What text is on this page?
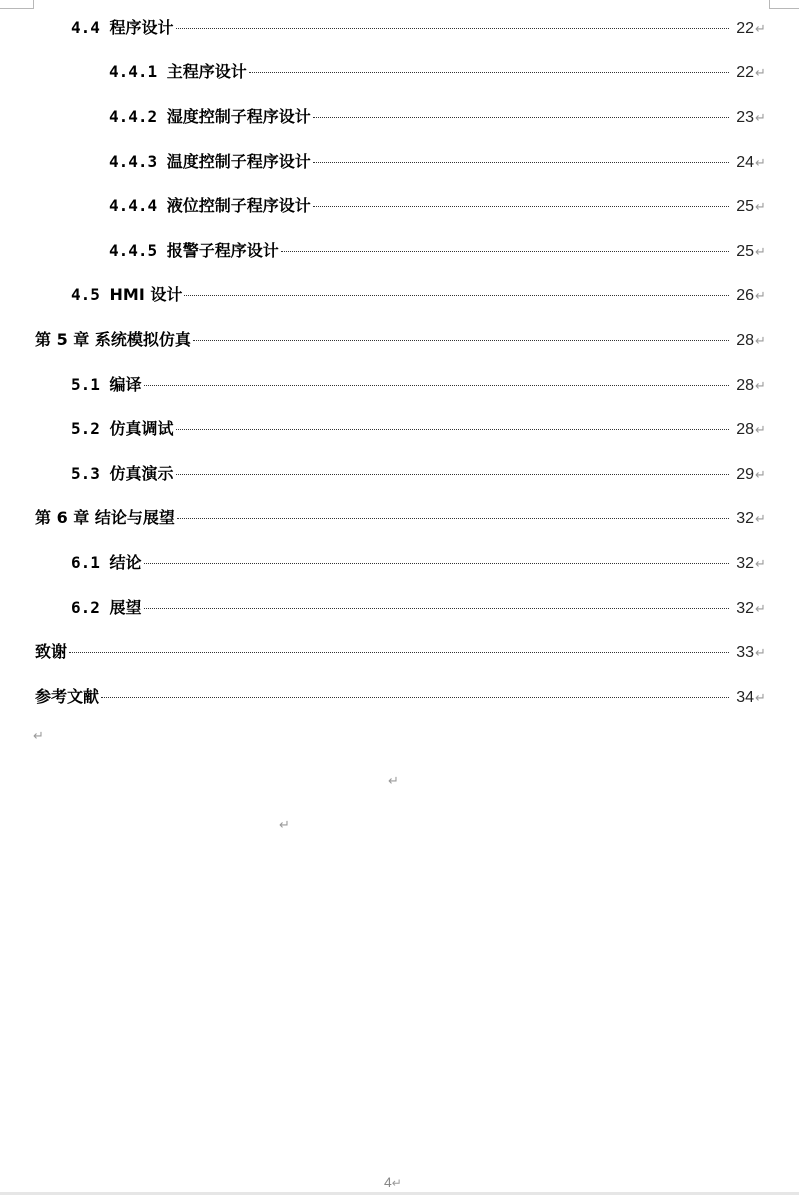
4.4 程序设计	22 ↵
4.4.1 主程序设计	22 ↵
4.4.2 湿度控制子程序设计	23 ↵
4.4.3 温度控制子程序设计	24 ↵
4.4.4 液位控制子程序设计	25 ↵
4.4.5 报警子程序设计	25 ↵
4.5 HMI 设计	26 ↵
第 5 章 系统模拟仿真	28 ↵
5.1 编译	28 ↵
5.2 仿真调试	28 ↵
5.3 仿真演示	29 ↵
第 6 章 结论与展望	32 ↵
6.1 结论	32 ↵
6.2 展望	32 ↵
致谢	33 ↵
参考文献	34 ↵
↵
↵
↵
4↵
